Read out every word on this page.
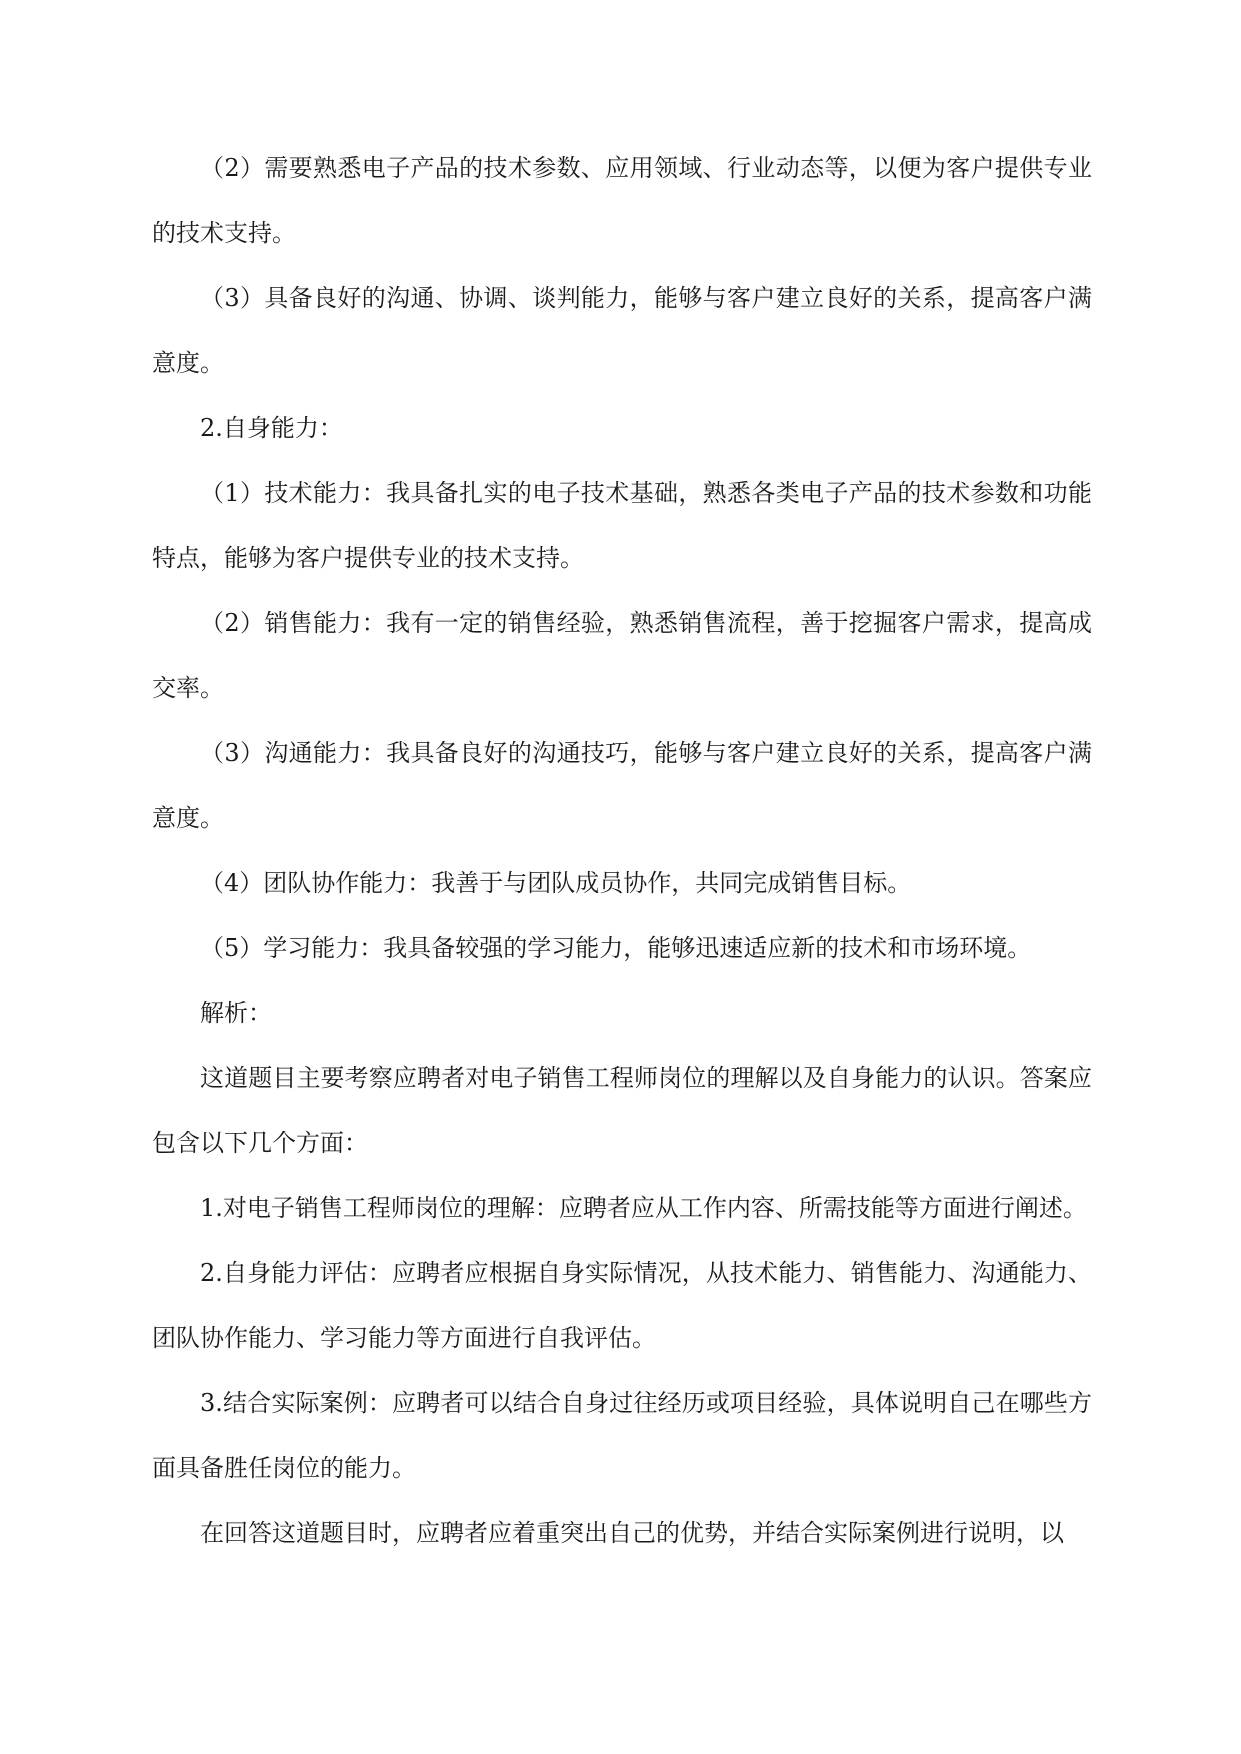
（2）需要熟悉电子产品的技术参数、应用领域、行业动态等，以便为客户提供专业的技术支持。

（3）具备良好的沟通、协调、谈判能力，能够与客户建立良好的关系，提高客户满意度。

2.自身能力：

（1）技术能力：我具备扎实的电子技术基础，熟悉各类电子产品的技术参数和功能特点，能够为客户提供专业的技术支持。

（2）销售能力：我有一定的销售经验，熟悉销售流程，善于挖掘客户需求，提高成交率。

（3）沟通能力：我具备良好的沟通技巧，能够与客户建立良好的关系，提高客户满意度。

（4）团队协作能力：我善于与团队成员协作，共同完成销售目标。

（5）学习能力：我具备较强的学习能力，能够迅速适应新的技术和市场环境。

解析：

这道题目主要考察应聘者对电子销售工程师岗位的理解以及自身能力的认识。答案应包含以下几个方面：

1.对电子销售工程师岗位的理解：应聘者应从工作内容、所需技能等方面进行阐述。

2.自身能力评估：应聘者应根据自身实际情况，从技术能力、销售能力、沟通能力、团队协作能力、学习能力等方面进行自我评估。

3.结合实际案例：应聘者可以结合自身过往经历或项目经验，具体说明自己在哪些方面具备胜任岗位的能力。

在回答这道题目时，应聘者应着重突出自己的优势，并结合实际案例进行说明，以
